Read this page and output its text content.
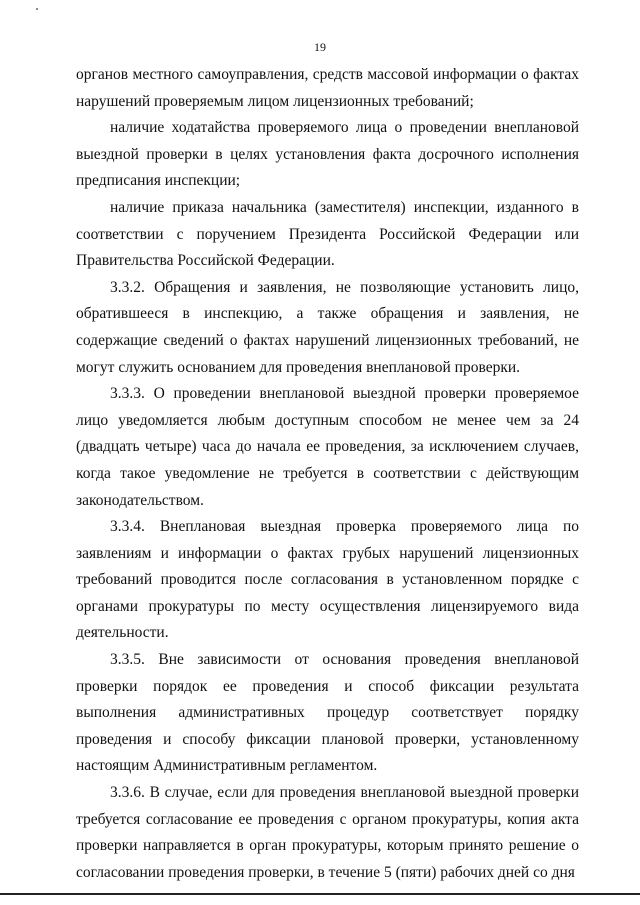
19

органов местного самоуправления, средств массовой информации о фактах нарушений проверяемым лицом лицензионных требований;

наличие ходатайства проверяемого лица о проведении внеплановой выездной проверки в целях установления факта досрочного исполнения предписания инспекции;

наличие приказа начальника (заместителя) инспекции, изданного в соответствии с поручением Президента Российской Федерации или Правительства Российской Федерации.

3.3.2. Обращения и заявления, не позволяющие установить лицо, обратившееся в инспекцию, а также обращения и заявления, не содержащие сведений о фактах нарушений лицензионных требований, не могут служить основанием для проведения внеплановой проверки.

3.3.3. О проведении внеплановой выездной проверки проверяемое лицо уведомляется любым доступным способом не менее чем за 24 (двадцать четыре) часа до начала ее проведения, за исключением случаев, когда такое уведомление не требуется в соответствии с действующим законодательством.

3.3.4. Внеплановая выездная проверка проверяемого лица по заявлениям и информации о фактах грубых нарушений лицензионных требований проводится после согласования в установленном порядке с органами прокуратуры по месту осуществления лицензируемого вида деятельности.

3.3.5. Вне зависимости от основания проведения внеплановой проверки порядок ее проведения и способ фиксации результата выполнения административных процедур соответствует порядку проведения и способу фиксации плановой проверки, установленному настоящим Административным регламентом.

3.3.6. В случае, если для проведения внеплановой выездной проверки требуется согласование ее проведения с органом прокуратуры, копия акта проверки направляется в орган прокуратуры, которым принято решение о согласовании проведения проверки, в течение 5 (пяти) рабочих дней со дня
